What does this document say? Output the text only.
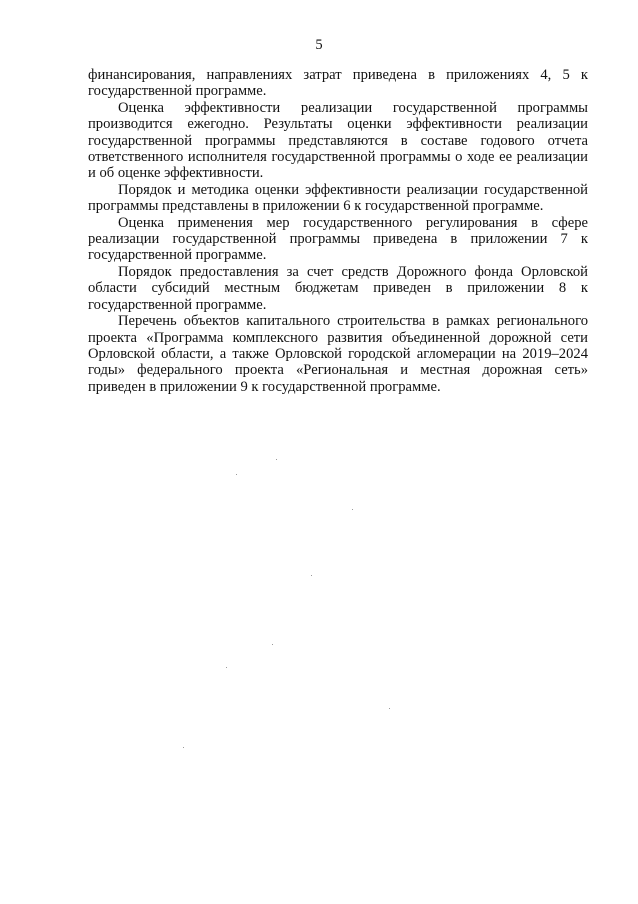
5

финансирования, направлениях затрат приведена в приложениях 4, 5 к государственной программе.

Оценка эффективности реализации государственной программы производится ежегодно. Результаты оценки эффективности реализации государственной программы представляются в составе годового отчета ответственного исполнителя государственной программы о ходе ее реализации и об оценке эффективности.

Порядок и методика оценки эффективности реализации государственной программы представлены в приложении 6 к государственной программе.

Оценка применения мер государственного регулирования в сфере реализации государственной программы приведена в приложении 7 к государственной программе.

Порядок предоставления за счет средств Дорожного фонда Орловской области субсидий местным бюджетам приведен в приложении 8 к государственной программе.

Перечень объектов капитального строительства в рамках регионального проекта «Программа комплексного развития объединенной дорожной сети Орловской области, а также Орловской городской агломерации на 2019–2024 годы» федерального проекта «Региональная и местная дорожная сеть» приведен в приложении 9 к государственной программе.
